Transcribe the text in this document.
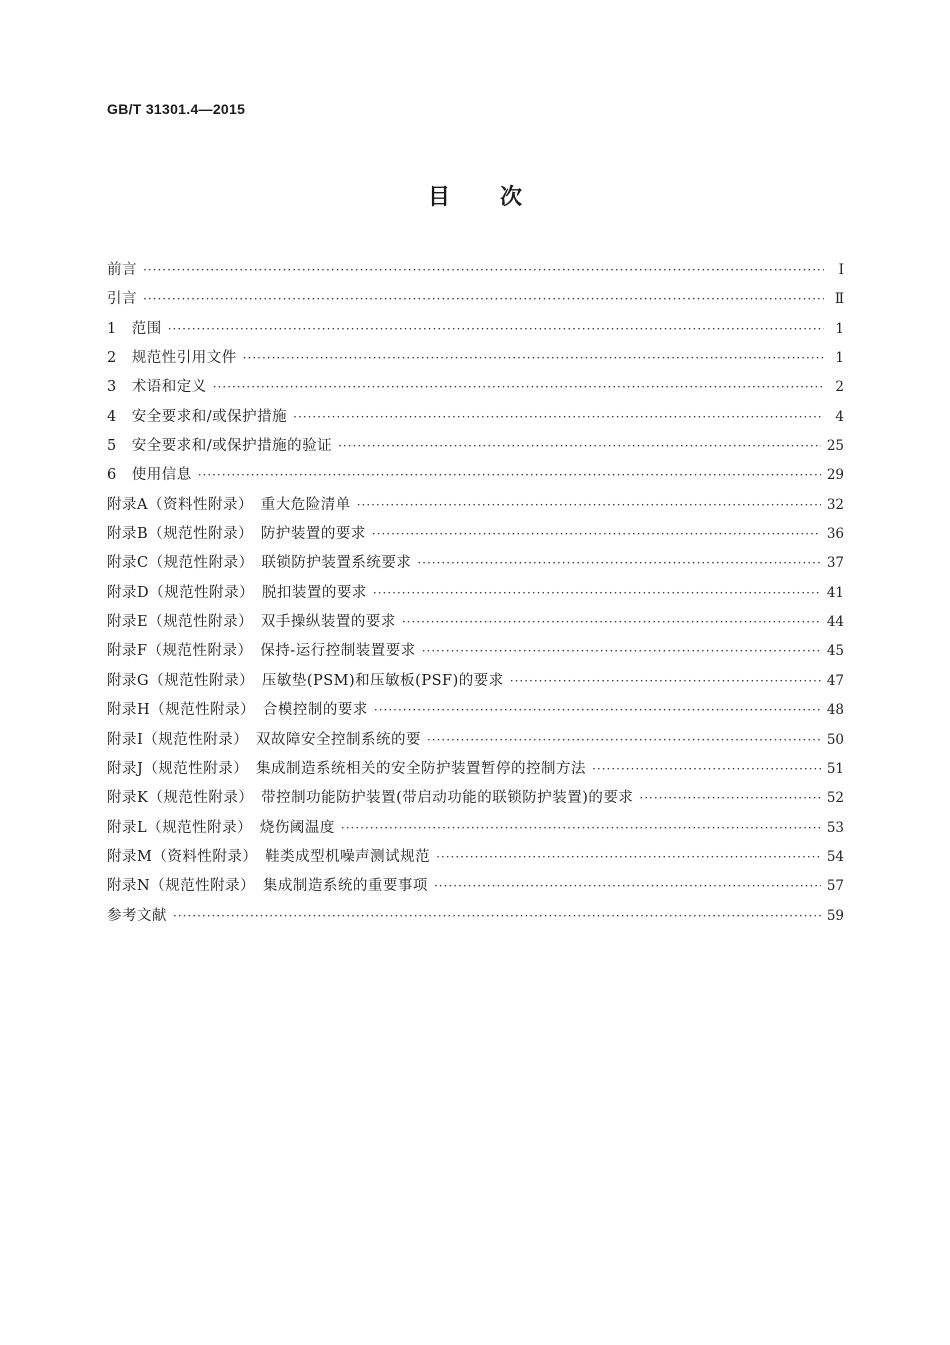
GB/T 31301.4—2015
目次
前言 ·····	Ⅰ
引言 ·····	Ⅱ
1　范围 ·····	1
2　规范性引用文件 ·····	1
3　术语和定义 ·····	2
4　安全要求和/或保护措施 ·····	4
5　安全要求和/或保护措施的验证 ·····	25
6　使用信息 ·····	29
附录A（资料性附录）　重大危险清单 ·····	32
附录B（规范性附录）　防护装置的要求 ·····	36
附录C（规范性附录）　联锁防护装置系统要求 ·····	37
附录D（规范性附录）　脱扣装置的要求 ·····	41
附录E（规范性附录）　双手操纵装置的要求 ·····	44
附录F（规范性附录）　保持-运行控制装置要求 ·····	45
附录G（规范性附录）　压敏垫(PSM)和压敏板(PSF)的要求 ·····	47
附录H（规范性附录）　合模控制的要求 ·····	48
附录I（规范性附录）　双故障安全控制系统的要 ·····	50
附录J（规范性附录）　集成制造系统相关的安全防护装置暂停的控制方法 ·····	51
附录K（规范性附录）　带控制功能防护装置(带启动功能的联锁防护装置)的要求 ·····	52
附录L（规范性附录）　烧伤阈温度 ·····	53
附录M（资料性附录）　鞋类成型机噪声测试规范 ·····	54
附录N（规范性附录）　集成制造系统的重要事项 ·····	57
参考文献 ·····	59
